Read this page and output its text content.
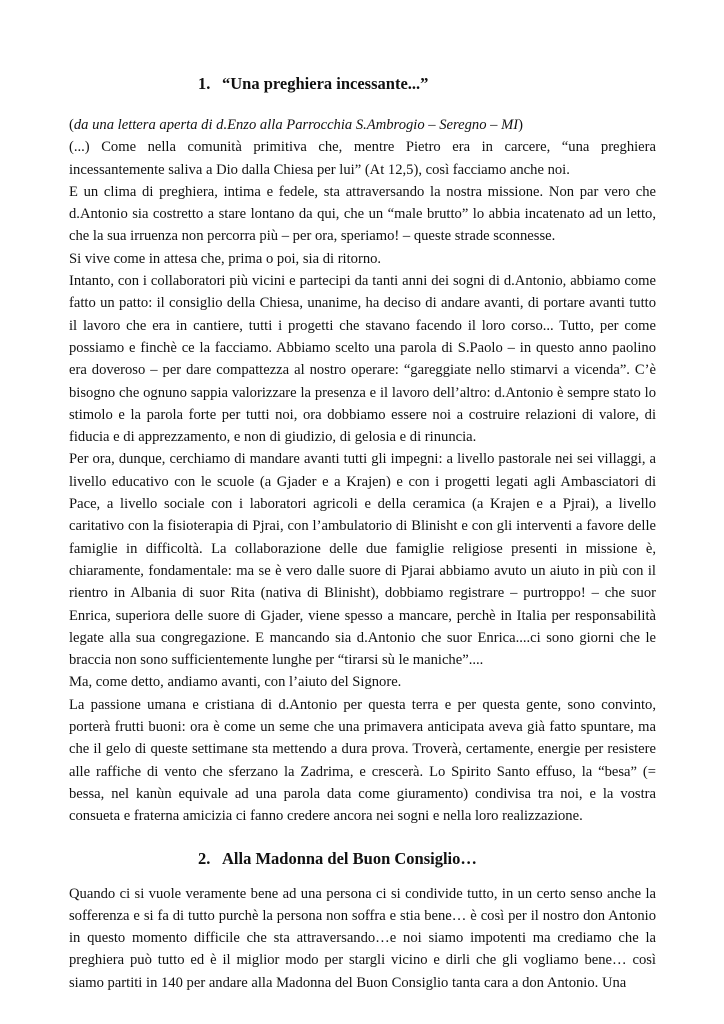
1. “Una preghiera incessante...”

(da una lettera aperta di d.Enzo alla Parrocchia S.Ambrogio – Seregno – MI)

(...) Come nella comunità primitiva che, mentre Pietro era in carcere, “una preghiera incessantemente saliva a Dio dalla Chiesa per lui” (At 12,5), così facciamo anche noi.

E un clima di preghiera, intima e fedele, sta attraversando la nostra missione. Non par vero che d.Antonio sia costretto a stare lontano da qui, che un “male brutto” lo abbia incatenato ad un letto, che la sua irruenza non percorra più – per ora, speriamo! – queste strade sconnesse.

Si vive come in attesa che, prima o poi, sia di ritorno.

Intanto, con i collaboratori più vicini e partecipi da tanti anni dei sogni di d.Antonio, abbiamo come fatto un patto: il consiglio della Chiesa, unanime, ha deciso di andare avanti, di portare avanti tutto il lavoro che era in cantiere, tutti i progetti che stavano facendo il loro corso... Tutto, per come possiamo e finchè ce la facciamo. Abbiamo scelto una parola di S.Paolo – in questo anno paolino era doveroso – per dare compattezza al nostro operare: “gareggiate nello stimarvi a vicenda”. C’è bisogno che ognuno sappia valorizzare la presenza e il lavoro dell’altro: d.Antonio è sempre stato lo stimolo e la parola forte per tutti noi, ora dobbiamo essere noi a costruire relazioni di valore, di fiducia e di apprezzamento, e non di giudizio, di gelosia e di rinuncia.

Per ora, dunque, cerchiamo di mandare avanti tutti gli impegni: a livello pastorale nei sei villaggi, a livello educativo con le scuole (a Gjader e a Krajen) e con i progetti legati agli Ambasciatori di Pace, a livello sociale con i laboratori agricoli e della ceramica (a Krajen e a Pjrai), a livello caritativo con la fisioterapia di Pjrai, con l’ambulatorio di Blinisht e con gli interventi a favore delle famiglie in difficoltà. La collaborazione delle due famiglie religiose presenti in missione è, chiaramente, fondamentale: ma se è vero dalle suore di Pjarai abbiamo avuto un aiuto in più con il rientro in Albania di suor Rita (nativa di Blinisht), dobbiamo registrare – purtroppo! – che suor Enrica, superiora delle suore di Gjader, viene spesso a mancare, perchè in Italia per responsabilità legate alla sua congregazione. E mancando sia d.Antonio che suor Enrica....ci sono giorni che le braccia non sono sufficientemente lunghe per “tirarsi sù le maniche”....

Ma, come detto, andiamo avanti, con l’aiuto del Signore.

La passione umana e cristiana di d.Antonio per questa terra e per questa gente, sono convinto, porterà frutti buoni: ora è come un seme che una primavera anticipata aveva già fatto spuntare, ma che il gelo di queste settimane sta mettendo a dura prova. Troverà, certamente, energie per resistere alle raffiche di vento che sferzano la Zadrima, e crescerà. Lo Spirito Santo effuso, la “besa” (= bessa, nel kanùn equivale ad una parola data come giuramento) condivisa tra noi, e la vostra consueta e fraterna amicizia ci fanno credere ancora nei sogni e nella loro realizzazione.

2. Alla Madonna del Buon Consiglio…

Quando ci si vuole veramente bene ad una persona ci si condivide tutto, in un certo senso anche la sofferenza e si fa di tutto purchè la persona non soffra e stia bene… è così per il nostro don Antonio in questo momento difficile che sta attraversando…e noi siamo impotenti ma crediamo che la preghiera può tutto ed è il miglior modo per stargli vicino e dirli che gli vogliamo bene… così siamo partiti in 140 per andare alla Madonna del Buon Consiglio tanta cara a don Antonio. Una
